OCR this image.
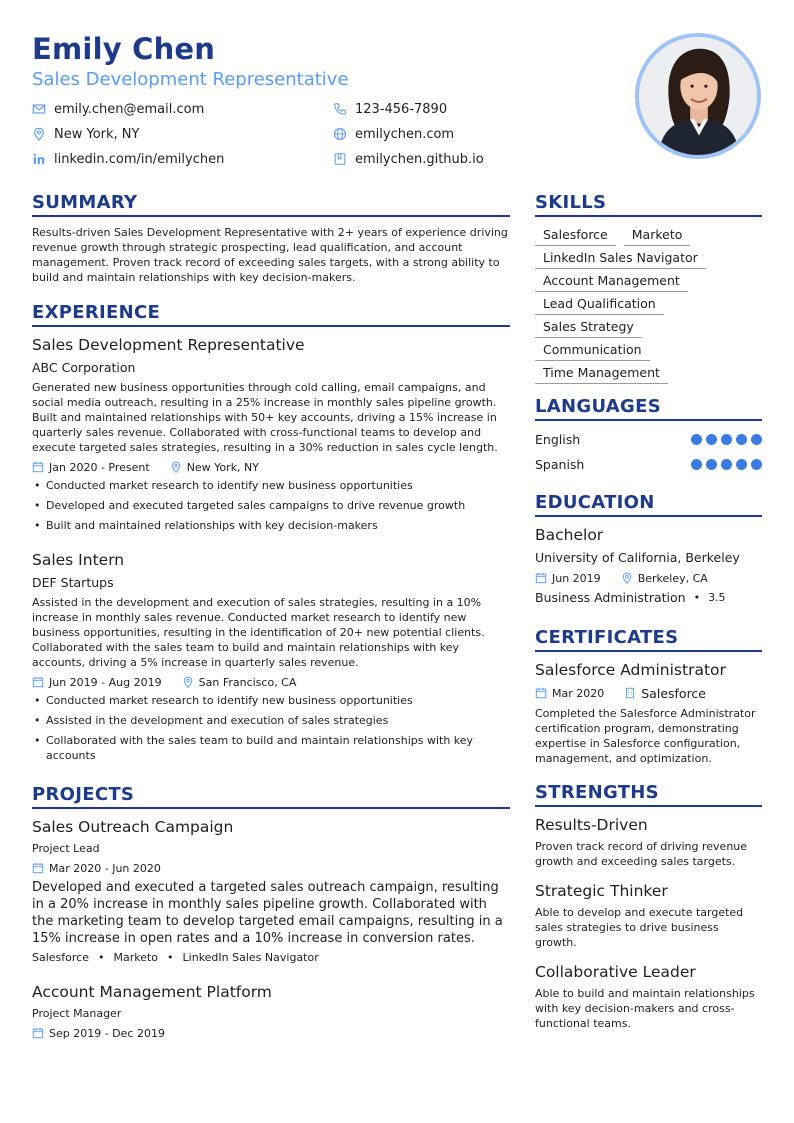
Emily Chen
Sales Development Representative
emily.chen@email.com	123-456-7890
New York, NY	emilychen.com
linkedin.com/in/emilychen	emilychen.github.io
SUMMARY
Results-driven Sales Development Representative with 2+ years of experience driving revenue growth through strategic prospecting, lead qualification, and account management. Proven track record of exceeding sales targets, with a strong ability to build and maintain relationships with key decision-makers.
EXPERIENCE
Sales Development Representative
ABC Corporation
Generated new business opportunities through cold calling, email campaigns, and social media outreach, resulting in a 25% increase in monthly sales pipeline growth. Built and maintained relationships with 50+ key accounts, driving a 15% increase in quarterly sales revenue. Collaborated with cross-functional teams to develop and execute targeted sales strategies, resulting in a 30% reduction in sales cycle length.
Jan 2020 - Present	New York, NY
• Conducted market research to identify new business opportunities
• Developed and executed targeted sales campaigns to drive revenue growth
• Built and maintained relationships with key decision-makers
Sales Intern
DEF Startups
Assisted in the development and execution of sales strategies, resulting in a 10% increase in monthly sales revenue. Conducted market research to identify new business opportunities, resulting in the identification of 20+ new potential clients. Collaborated with the sales team to build and maintain relationships with key accounts, driving a 5% increase in quarterly sales revenue.
Jun 2019 - Aug 2019	San Francisco, CA
• Conducted market research to identify new business opportunities
• Assisted in the development and execution of sales strategies
• Collaborated with the sales team to build and maintain relationships with key accounts
PROJECTS
Sales Outreach Campaign
Project Lead
Mar 2020 - Jun 2020
Developed and executed a targeted sales outreach campaign, resulting in a 20% increase in monthly sales pipeline growth. Collaborated with the marketing team to develop targeted email campaigns, resulting in a 15% increase in open rates and a 10% increase in conversion rates.
Salesforce • Marketo • LinkedIn Sales Navigator
Account Management Platform
Project Manager
Sep 2019 - Dec 2019
SKILLS
Salesforce	Marketo
LinkedIn Sales Navigator
Account Management
Lead Qualification
Sales Strategy
Communication
Time Management
LANGUAGES
English
Spanish
EDUCATION
Bachelor
University of California, Berkeley
Jun 2019	Berkeley, CA
Business Administration • 3.5
CERTIFICATES
Salesforce Administrator
Mar 2020	Salesforce
Completed the Salesforce Administrator certification program, demonstrating expertise in Salesforce configuration, management, and optimization.
STRENGTHS
Results-Driven
Proven track record of driving revenue growth and exceeding sales targets.
Strategic Thinker
Able to develop and execute targeted sales strategies to drive business growth.
Collaborative Leader
Able to build and maintain relationships with key decision-makers and cross-functional teams.
